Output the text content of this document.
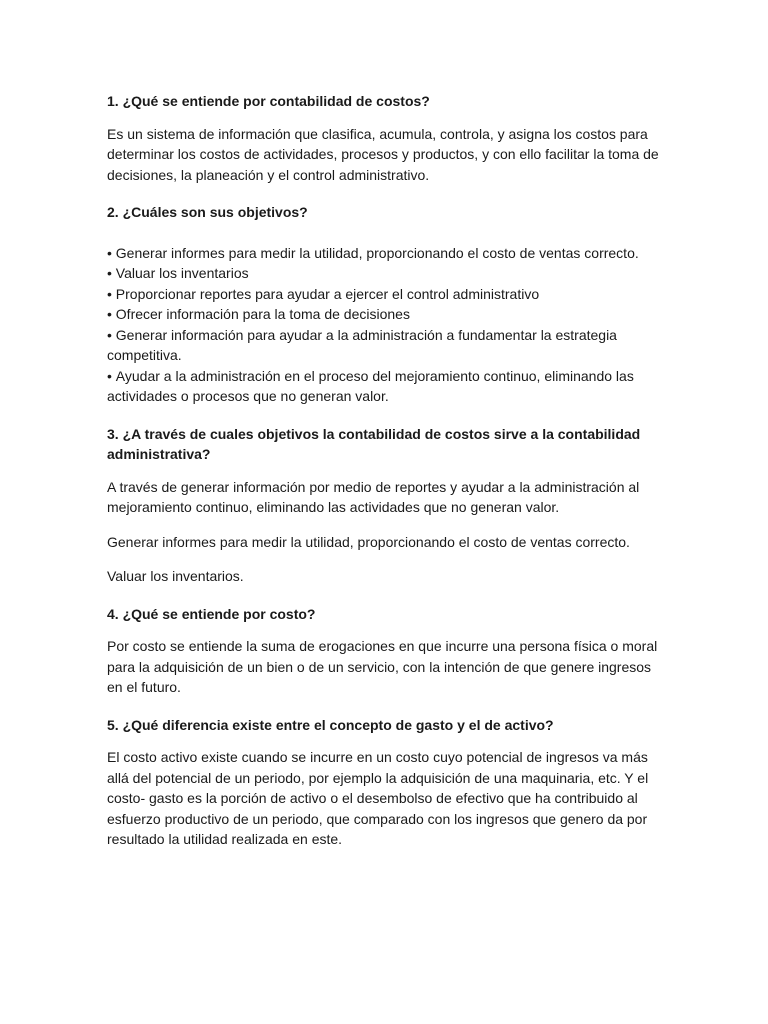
1. ¿Qué se entiende por contabilidad de costos?

Es un sistema de información que clasifica, acumula, controla, y asigna los costos para determinar los costos de actividades, procesos y productos, y con ello facilitar la toma de decisiones, la planeación y el control administrativo.

2. ¿Cuáles son sus objetivos?

• Generar informes para medir la utilidad, proporcionando el costo de ventas correcto.

• Valuar los inventarios

• Proporcionar reportes para ayudar a ejercer el control administrativo

• Ofrecer información para la toma de decisiones

• Generar información para ayudar a la administración a fundamentar la estrategia competitiva.

• Ayudar a la administración en el proceso del mejoramiento continuo, eliminando las actividades o procesos que no generan valor.

3. ¿A través de cuales objetivos la contabilidad de costos sirve a la contabilidad administrativa?

A través de generar información por medio de reportes y ayudar a la administración al mejoramiento continuo, eliminando las actividades que no generan valor.

Generar informes para medir la utilidad, proporcionando el costo de ventas correcto.

Valuar los inventarios.

4. ¿Qué se entiende por costo?

Por costo se entiende la suma de erogaciones en que incurre una persona física o moral para la adquisición de un bien o de un servicio, con la intención de que genere ingresos en el futuro.

5. ¿Qué diferencia existe entre el concepto de gasto y el de activo?

El costo activo existe cuando se incurre en un costo cuyo potencial de ingresos va más allá del potencial de un periodo, por ejemplo la adquisición de una maquinaria, etc. Y el costo- gasto es la porción de activo o el desembolso de efectivo que ha contribuido al esfuerzo productivo de un periodo, que comparado con los ingresos que genero da por resultado la utilidad realizada en este.
